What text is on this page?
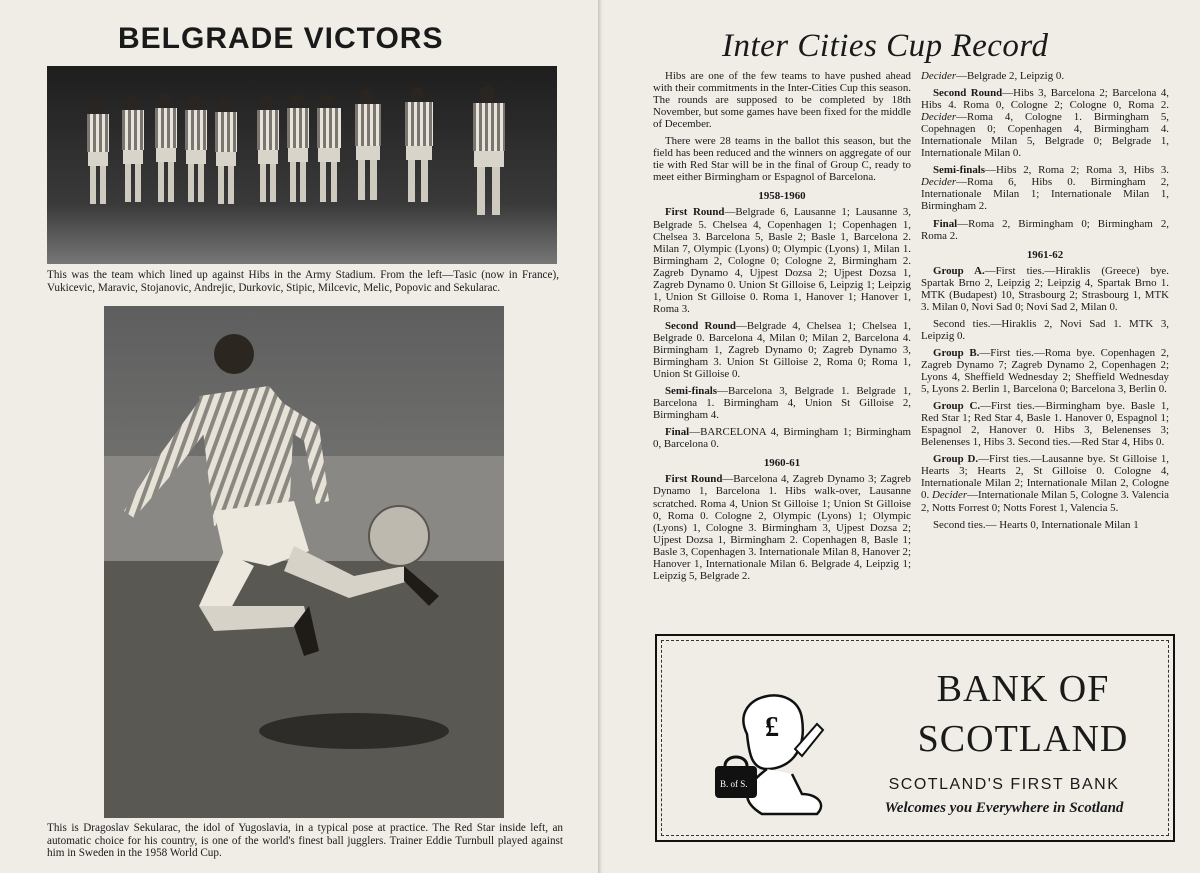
BELGRADE VICTORS
This was the team which lined up against Hibs in the Army Stadium. From the left—Tasic (now in France), Vukicevic, Maravic, Stojanovic, Andrejic, Durkovic, Stipic, Milcevic, Melic, Popovic and Sekularac.
This is Dragoslav Sekularac, the idol of Yugoslavia, in a typical pose at practice. The Red Star inside left, an automatic choice for his country, is one of the world's finest ball jugglers. Trainer Eddie Turnbull played against him in Sweden in the 1958 World Cup.
Inter Cities Cup Record

Hibs are one of the few teams to have pushed ahead with their commitments in the Inter-Cities Cup this season. The rounds are supposed to be completed by 18th November, but some games have been fixed for the middle of December.

There were 28 teams in the ballot this season, but the field has been reduced and the winners on aggregate of our tie with Red Star will be in the final of Group C, ready to meet either Birmingham or Espagnol of Barcelona.

1958-1960

First Round—Belgrade 6, Lausanne 1; Lausanne 3, Belgrade 5. Chelsea 4, Copenhagen 1; Copenhagen 1, Chelsea 3. Barcelona 5, Basle 2; Basle 1, Barcelona 2. Milan 7, Olympic (Lyons) 0; Olympic (Lyons) 1, Milan 1. Birmingham 2, Cologne 0; Cologne 2, Birmingham 2. Zagreb Dynamo 4, Ujpest Dozsa 2; Ujpest Dozsa 1, Zagreb Dynamo 0. Union St Gilloise 6, Leipzig 1; Leipzig 1, Union St Gilloise 0. Roma 1, Hanover 1; Hanover 1, Roma 3.

Second Round—Belgrade 4, Chelsea 1; Chelsea 1, Belgrade 0. Barcelona 4, Milan 0; Milan 2, Barcelona 4. Birmingham 1, Zagreb Dynamo 0; Zagreb Dynamo 3, Birmingham 3. Union St Gilloise 2, Roma 0; Roma 1, Union St Gilloise 0.

Semi-finals—Barcelona 3, Belgrade 1. Belgrade 1, Barcelona 1. Birmingham 4, Union St Gilloise 2, Birmingham 4.

Final—BARCELONA 4, Birmingham 1; Birmingham 0, Barcelona 0.

1960-61

First Round—Barcelona 4, Zagreb Dynamo 3; Zagreb Dynamo 1, Barcelona 1. Hibs walk-over, Lausanne scratched. Roma 4, Union St Gilloise 1; Union St Gilloise 0, Roma 0. Cologne 2, Olympic (Lyons) 1; Olympic (Lyons) 1, Cologne 3. Birmingham 3, Ujpest Dozsa 2; Ujpest Dozsa 1, Birmingham 2. Copenhagen 8, Basle 1; Basle 3, Copenhagen 3. Internationale Milan 8, Hanover 2; Hanover 1, Internationale Milan 6. Belgrade 4, Leipzig 1; Leipzig 5, Belgrade 2.

Decider—Belgrade 2, Leipzig 0.

Second Round—Hibs 3, Barcelona 2; Barcelona 4, Hibs 4. Roma 0, Cologne 2; Cologne 0, Roma 2. Decider—Roma 4, Cologne 1. Birmingham 5, Copehnagen 0; Copenhagen 4, Birmingham 4. Internationale Milan 5, Belgrade 0; Belgrade 1, Internationale Milan 0.

Semi-finals—Hibs 2, Roma 2; Roma 3, Hibs 3. Decider—Roma 6, Hibs 0. Birmingham 2, Internationale Milan 1; Internationale Milan 1, Birmingham 2.

Final—Roma 2, Birmingham 0; Birmingham 2, Roma 2.

1961-62

Group A.—First ties.—Hiraklis (Greece) bye. Spartak Brno 2, Leipzig 2; Leipzig 4, Spartak Brno 1. MTK (Budapest) 10, Strasbourg 2; Strasbourg 1, MTK 3. Milan 0, Novi Sad 0; Novi Sad 2, Milan 0.

Second ties.—Hiraklis 2, Novi Sad 1. MTK 3, Leipzig 0.

Group B.—First ties.—Roma bye. Copenhagen 2, Zagreb Dynamo 7; Zagreb Dynamo 2, Copenhagen 2; Lyons 4, Sheffield Wednesday 2; Sheffield Wednesday 5, Lyons 2. Berlin 1, Barcelona 0; Barcelona 3, Berlin 0.

Group C.—First ties.—Birmingham bye. Basle 1, Red Star 1; Red Star 4, Basle 1. Hanover 0, Espagnol 1; Espagnol 2, Hanover 0. Hibs 3, Belenenses 3; Belenenses 1, Hibs 3. Second ties.—Red Star 4, Hibs 0.

Group D.—First ties.—Lausanne bye. St Gilloise 1, Hearts 3; Hearts 2, St Gilloise 0. Cologne 4, Internationale Milan 2; Internationale Milan 2, Cologne 0. Decider—Internationale Milan 5, Cologne 3. Valencia 2, Notts Forrest 0; Notts Forest 1, Valencia 5.

Second ties.— Hearts 0, Internationale Milan 1

£
B. of S.
BANK OF
SCOTLAND
SCOTLAND'S FIRST BANK
Welcomes you Everywhere in Scotland
